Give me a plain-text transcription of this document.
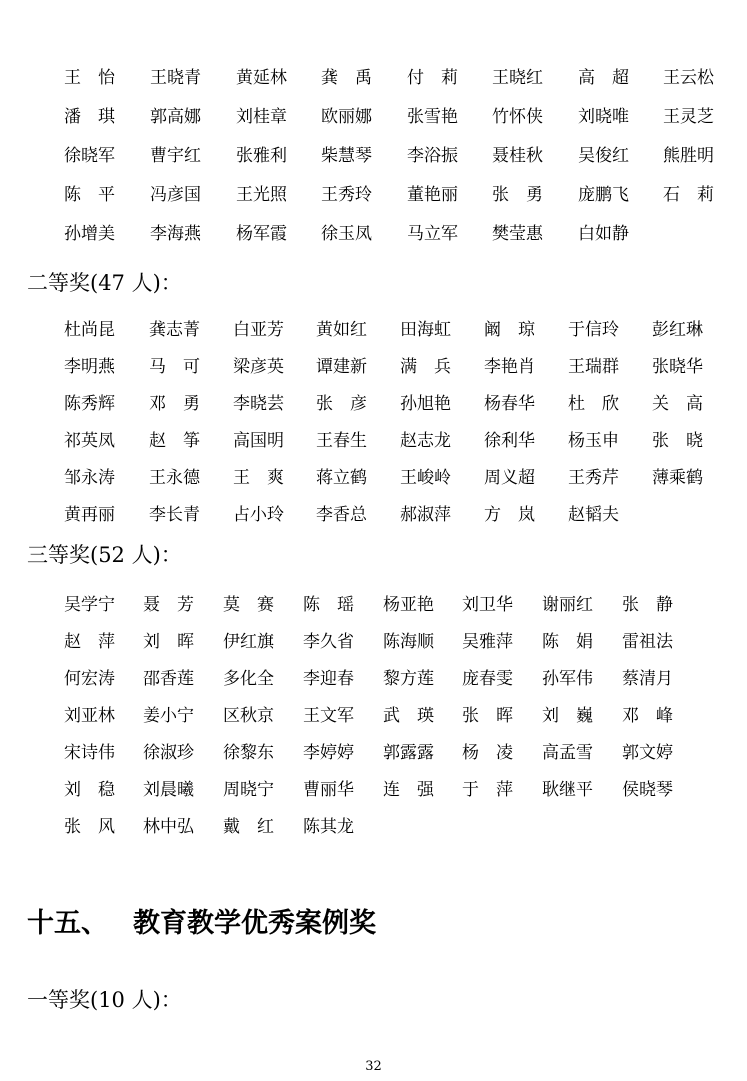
王怡 王晓青 黄延林 龚禹 付莉 王晓红 高超 王云松
潘琪 郭高娜 刘桂章 欧丽娜 张雪艳 竹怀侠 刘晓唯 王灵芝
徐晓军 曹宇红 张雅利 柴慧琴 李浴振 聂桂秋 吴俊红 熊胜明
陈平 冯彦国 王光照 王秀玲 董艳丽 张勇 庞鹏飞 石莉
孙增美 李海燕 杨军霞 徐玉凤 马立军 樊莹惠 白如静
二等奖(47 人)：
杜尚昆 龚志菁 白亚芳 黄如红 田海虹 阚琼 于信玲 彭红琳
李明燕 马可 梁彦英 谭建新 满兵 李艳肖 王瑞群 张晓华
陈秀辉 邓勇 李晓芸 张彦 孙旭艳 杨春华 杜欣 关高
祁英凤 赵筝 高国明 王春生 赵志龙 徐利华 杨玉申 张晓
邹永涛 王永德 王爽 蒋立鹤 王峻岭 周义超 王秀芹 薄乘鹤
黄再丽 李长青 占小玲 李香总 郝淑萍 方岚 赵韬夫
三等奖(52 人)：
吴学宁 聂芳 莫赛 陈瑶 杨亚艳 刘卫华 谢丽红 张静
赵萍 刘晖 伊红旗 李久省 陈海顺 吴雅萍 陈娟 雷祖法
何宏涛 邵香莲 多化全 李迎春 黎方莲 庞春雯 孙军伟 蔡清月
刘亚林 姜小宁 区秋京 王文军 武瑛 张晖 刘巍 邓峰
宋诗伟 徐淑珍 徐黎东 李婷婷 郭露露 杨凌 高孟雪 郭文婷
刘稳 刘晨曦 周晓宁 曹丽华 连强 于萍 耿继平 侯晓琴
张风 林中弘 戴红 陈其龙
十五、 教育教学优秀案例奖
一等奖(10 人)：
32
